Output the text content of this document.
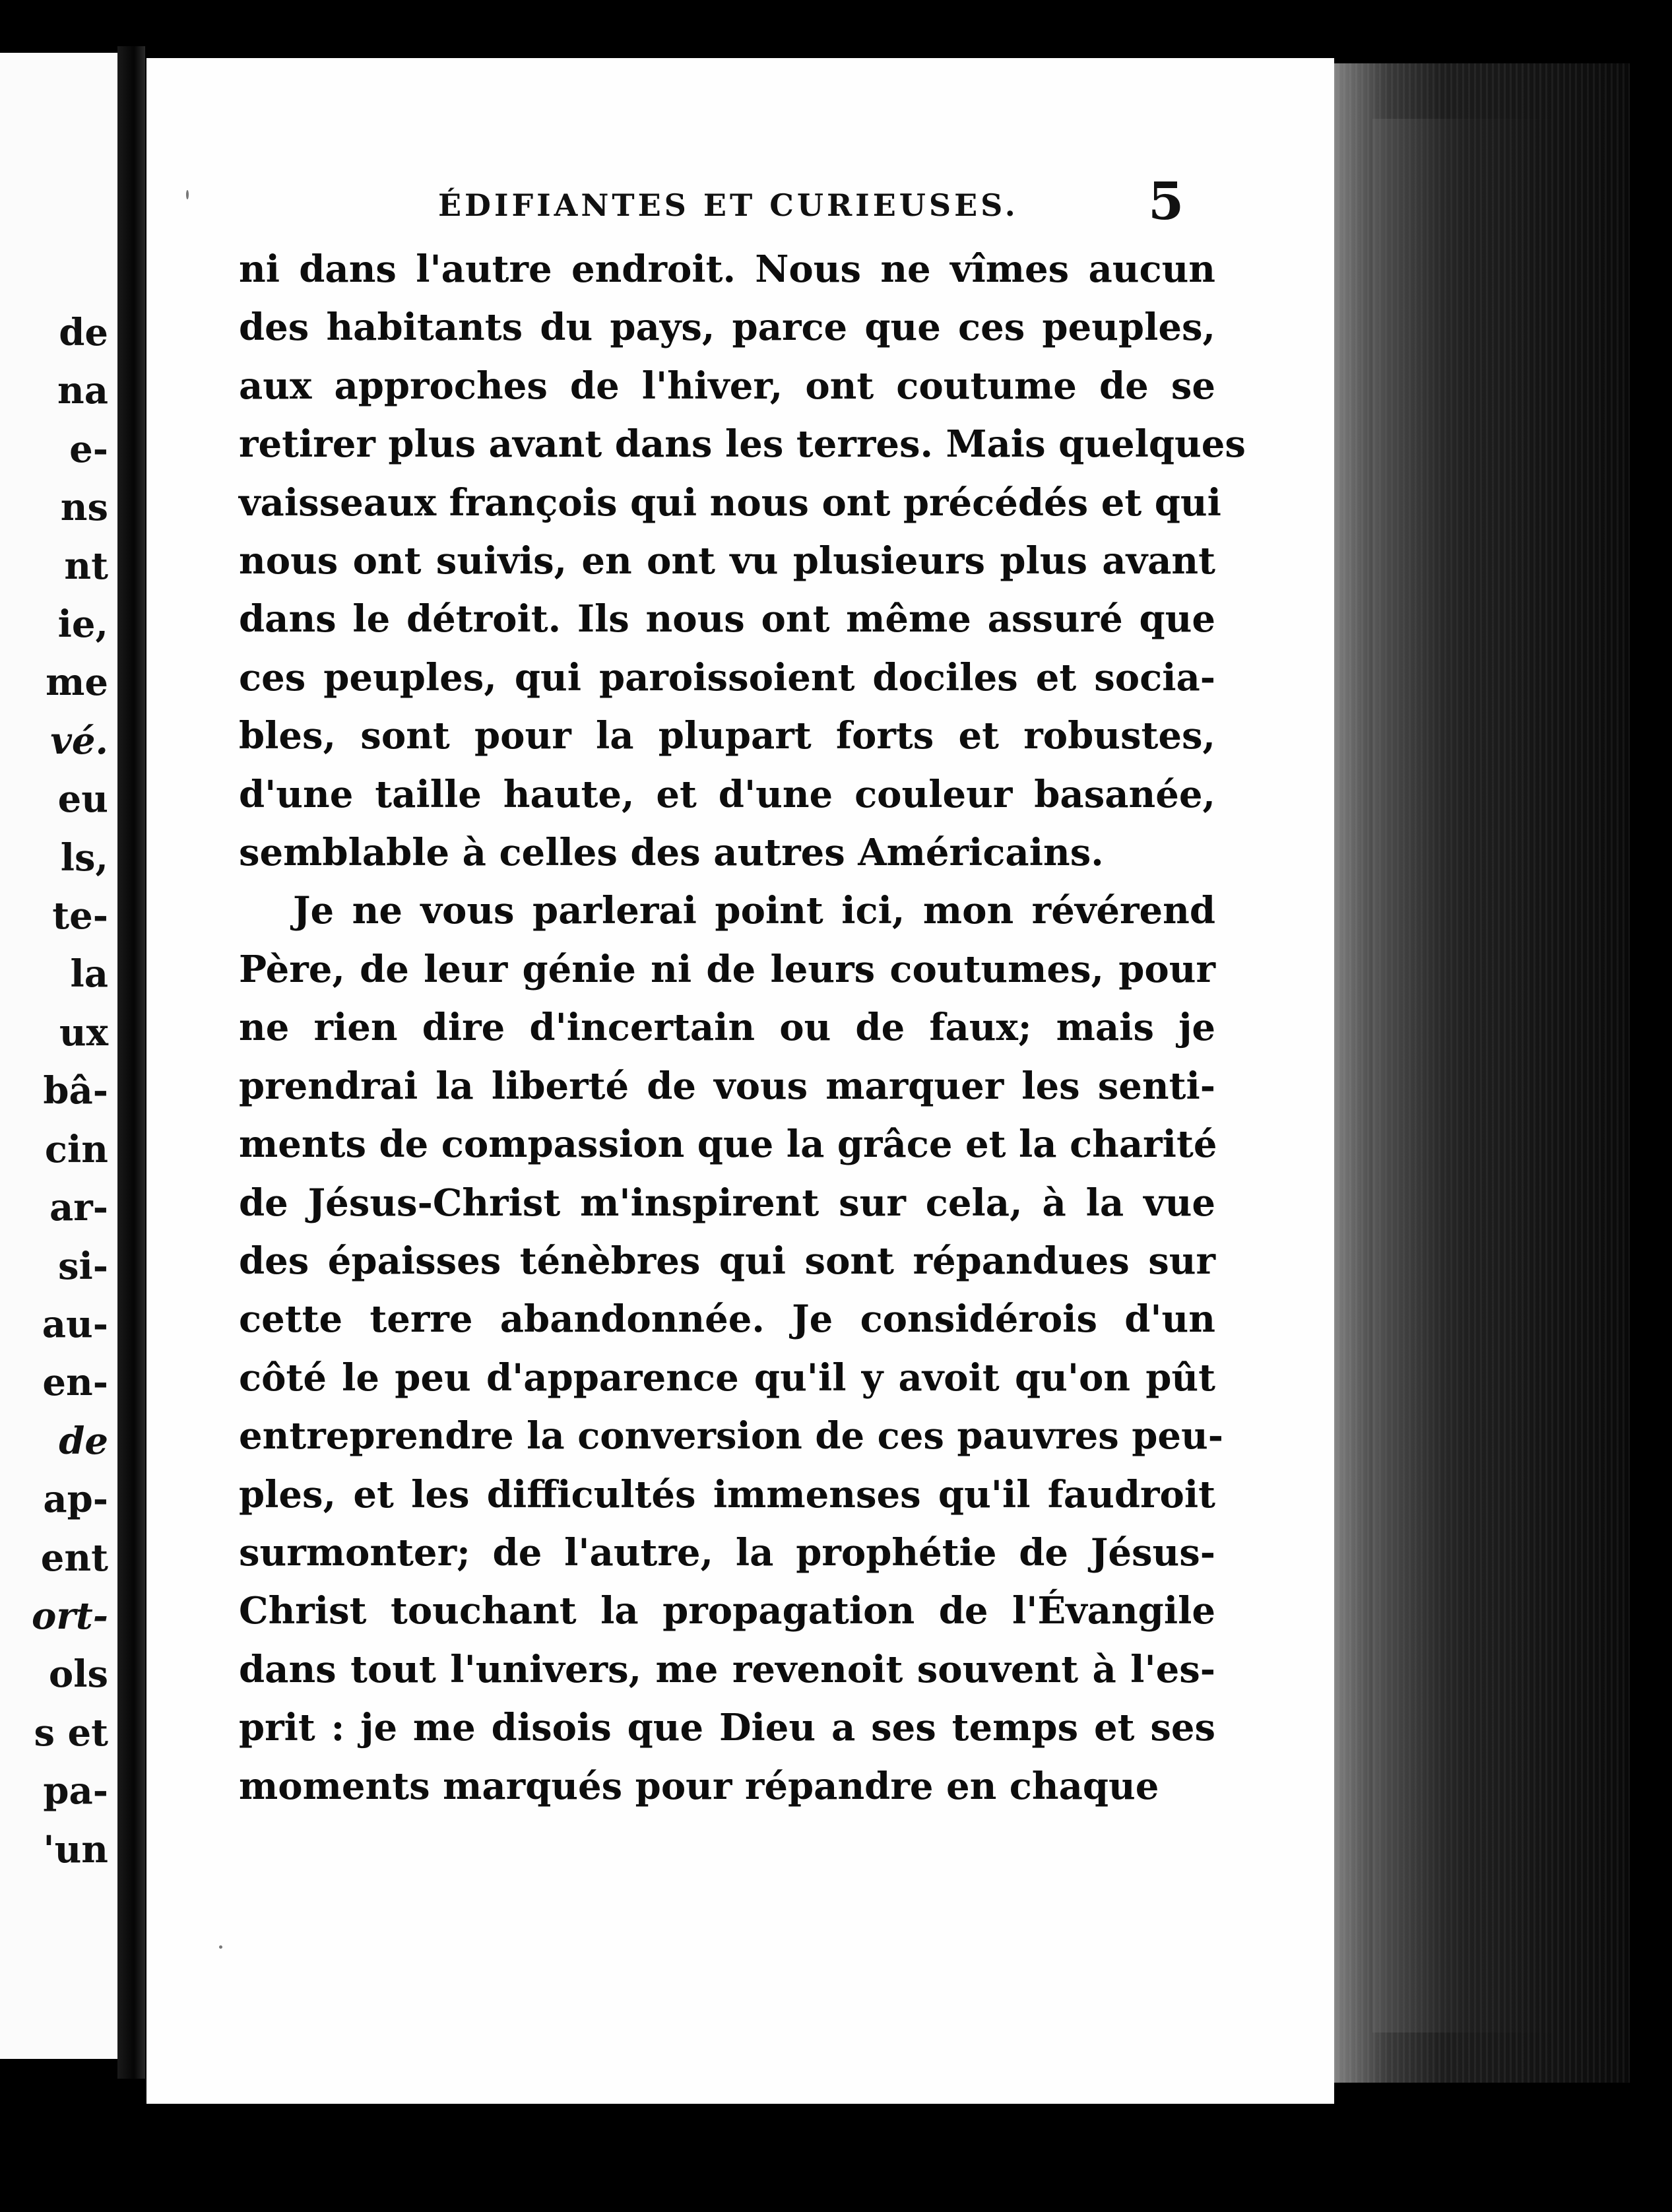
de
na
e-
ns
nt
ie,
me
vé.
eu
ls,
te-
la
ux
bâ-
cin
ar-
si-
au-
en-
de
ap-
ent
ort-
ols
s et
pa-
'un
ÉDIFIANTES ET CURIEUSES.	5
ni dans l'autre endroit. Nous ne vîmes aucun
des habitants du pays, parce que ces peuples,
aux approches de l'hiver, ont coutume de se
retirer plus avant dans les terres. Mais quelques
vaisseaux françois qui nous ont précédés et qui
nous ont suivis, en ont vu plusieurs plus avant
dans le détroit. Ils nous ont même assuré que
ces peuples, qui paroissoient dociles et socia-
bles, sont pour la plupart forts et robustes,
d'une taille haute, et d'une couleur basanée,
semblable à celles des autres Américains.
Je ne vous parlerai point ici, mon révérend
Père, de leur génie ni de leurs coutumes, pour
ne rien dire d'incertain ou de faux; mais je
prendrai la liberté de vous marquer les senti-
ments de compassion que la grâce et la charité
de Jésus-Christ m'inspirent sur cela, à la vue
des épaisses ténèbres qui sont répandues sur
cette terre abandonnée. Je considérois d'un
côté le peu d'apparence qu'il y avoit qu'on pût
entreprendre la conversion de ces pauvres peu-
ples, et les difficultés immenses qu'il faudroit
surmonter; de l'autre, la prophétie de Jésus-
Christ touchant la propagation de l'Évangile
dans tout l'univers, me revenoit souvent à l'es-
prit : je me disois que Dieu a ses temps et ses
moments marqués pour répandre en chaque
